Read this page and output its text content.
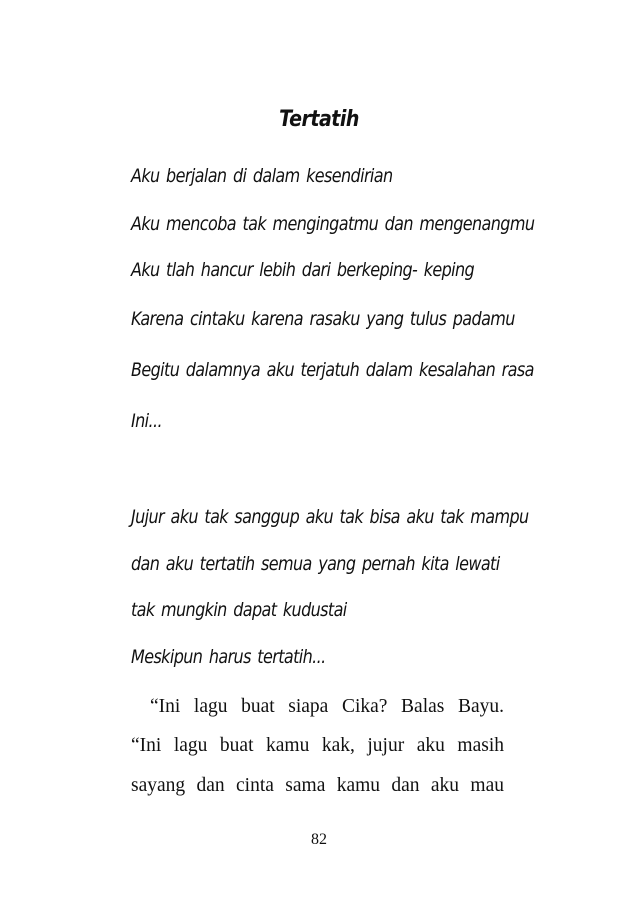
Tertatih
Aku berjalan di dalam kesendirian
Aku mencoba tak mengingatmu dan mengenangmu
Aku tlah hancur lebih dari berkeping- keping
Karena cintaku karena rasaku yang tulus padamu
Begitu dalamnya aku terjatuh dalam kesalahan rasa
Ini...
Jujur aku tak sanggup aku tak bisa aku tak mampu
dan aku tertatih semua yang pernah kita lewati
tak mungkin dapat kudustai
Meskipun harus tertatih...
“Ini lagu buat siapa Cika? Balas Bayu.
“Ini lagu buat kamu kak, jujur aku masih
sayang dan cinta sama kamu dan aku mau
82
